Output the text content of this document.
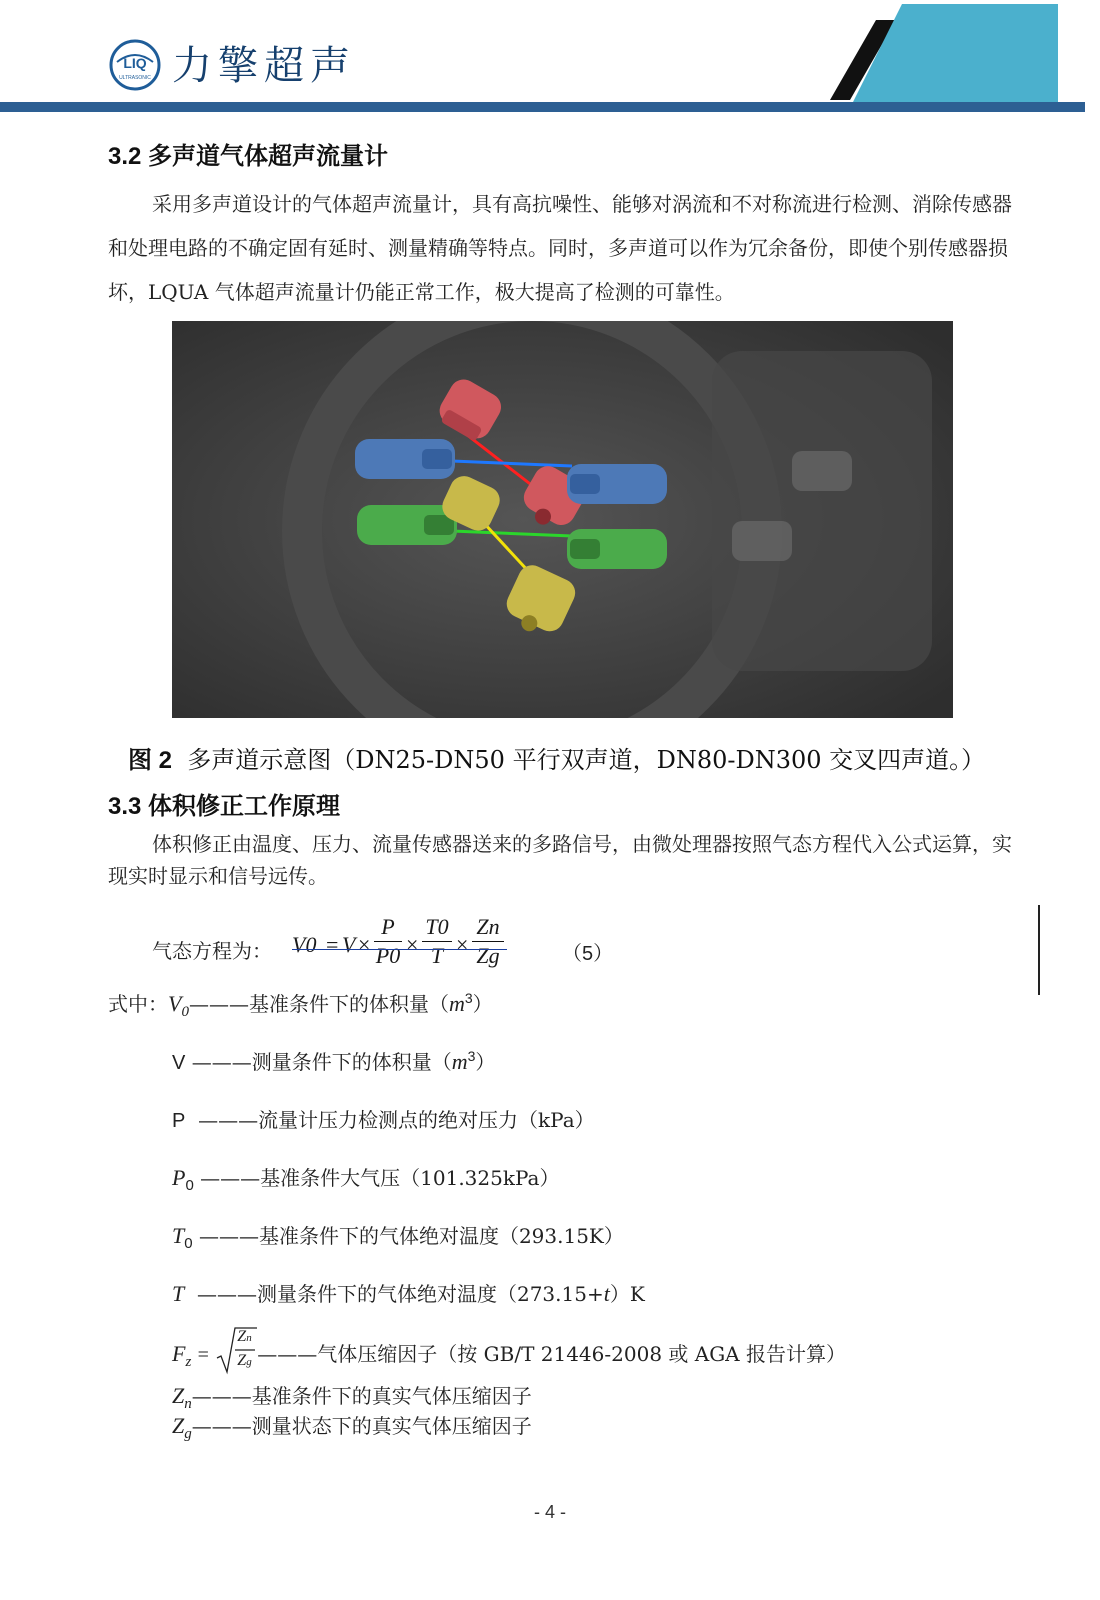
LIQ
ULTRASONIC 力擎超声
3.2 多声道气体超声流量计
采用多声道设计的气体超声流量计，具有高抗噪性、能够对涡流和不对称流进行检测、消除传感器和处理电路的不确定固有延时、测量精确等特点。同时，多声道可以作为冗余备份，即使个别传感器损坏，LQUA 气体超声流量计仍能正常工作，极大提高了检测的可靠性。
图 2 多声道示意图（DN25-DN50 平行双声道，DN80-DN300 交叉四声道。）
3.3 体积修正工作原理
体积修正由温度、压力、流量传感器送来的多路信号，由微处理器按照气态方程代入公式运算，实现实时显示和信号远传。
气态方程为： V0 = V ×
P
P0 ×
T0
T ×
Zn
Zg	（5）
式中：$V_0———$基准条件下的体积量$(m^3)$
V ———测量条件下的体积量$(m^3)$
P ———流量计压力检测点的绝对压力（kPa）
$P_0$ ———基准条件大气压（101.325kPa）
$T_0$ ———基准条件下的气体绝对温度（293.15K）
T ———测量条件下的气体绝对温度（273.15+t）K
$F_z$ =
Zn
Zg ———气体压缩因子（按 GB/T 21446-2008 或 AGA 报告计算）
$Z_n———$基准条件下的真实气体压缩因子
$Z_g———$测量状态下的真实气体压缩因子
- 4 -
